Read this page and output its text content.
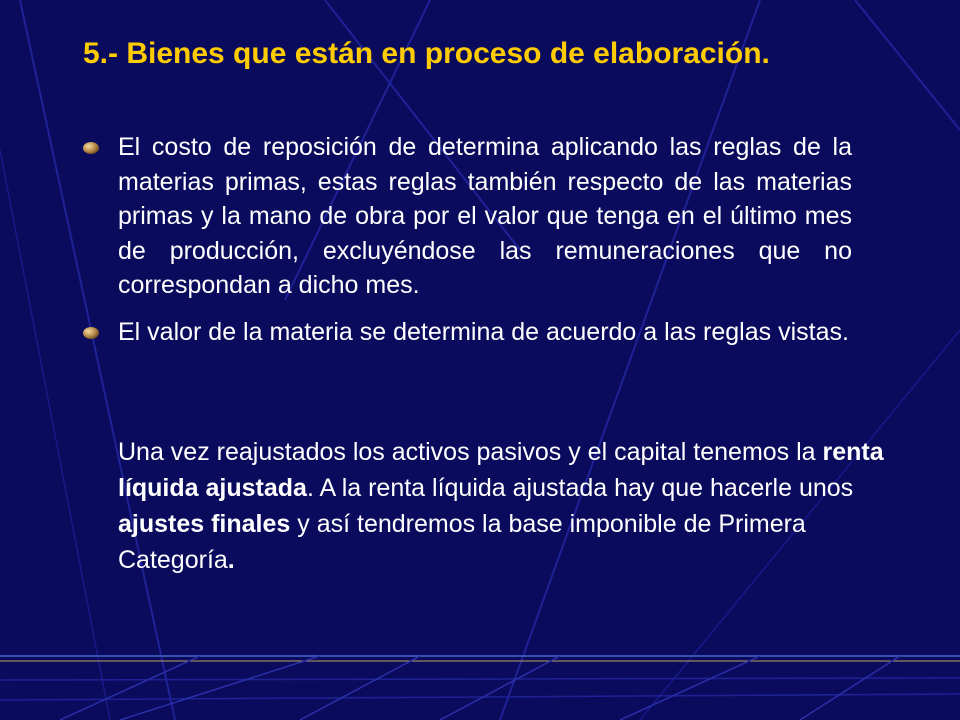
5.- Bienes que están en proceso de elaboración.
El costo de reposición de determina aplicando las reglas de la materias primas, estas reglas también respecto de las materias primas y la mano de obra por el valor que tenga en el último mes de producción, excluyéndose las remuneraciones que no correspondan a dicho mes.
El valor de la materia se determina de acuerdo a las reglas vistas.

Una vez reajustados los activos pasivos y el capital tenemos la renta líquida ajustada. A la renta líquida ajustada hay que hacerle unos ajustes finales y así tendremos la base imponible de Primera Categoría.
